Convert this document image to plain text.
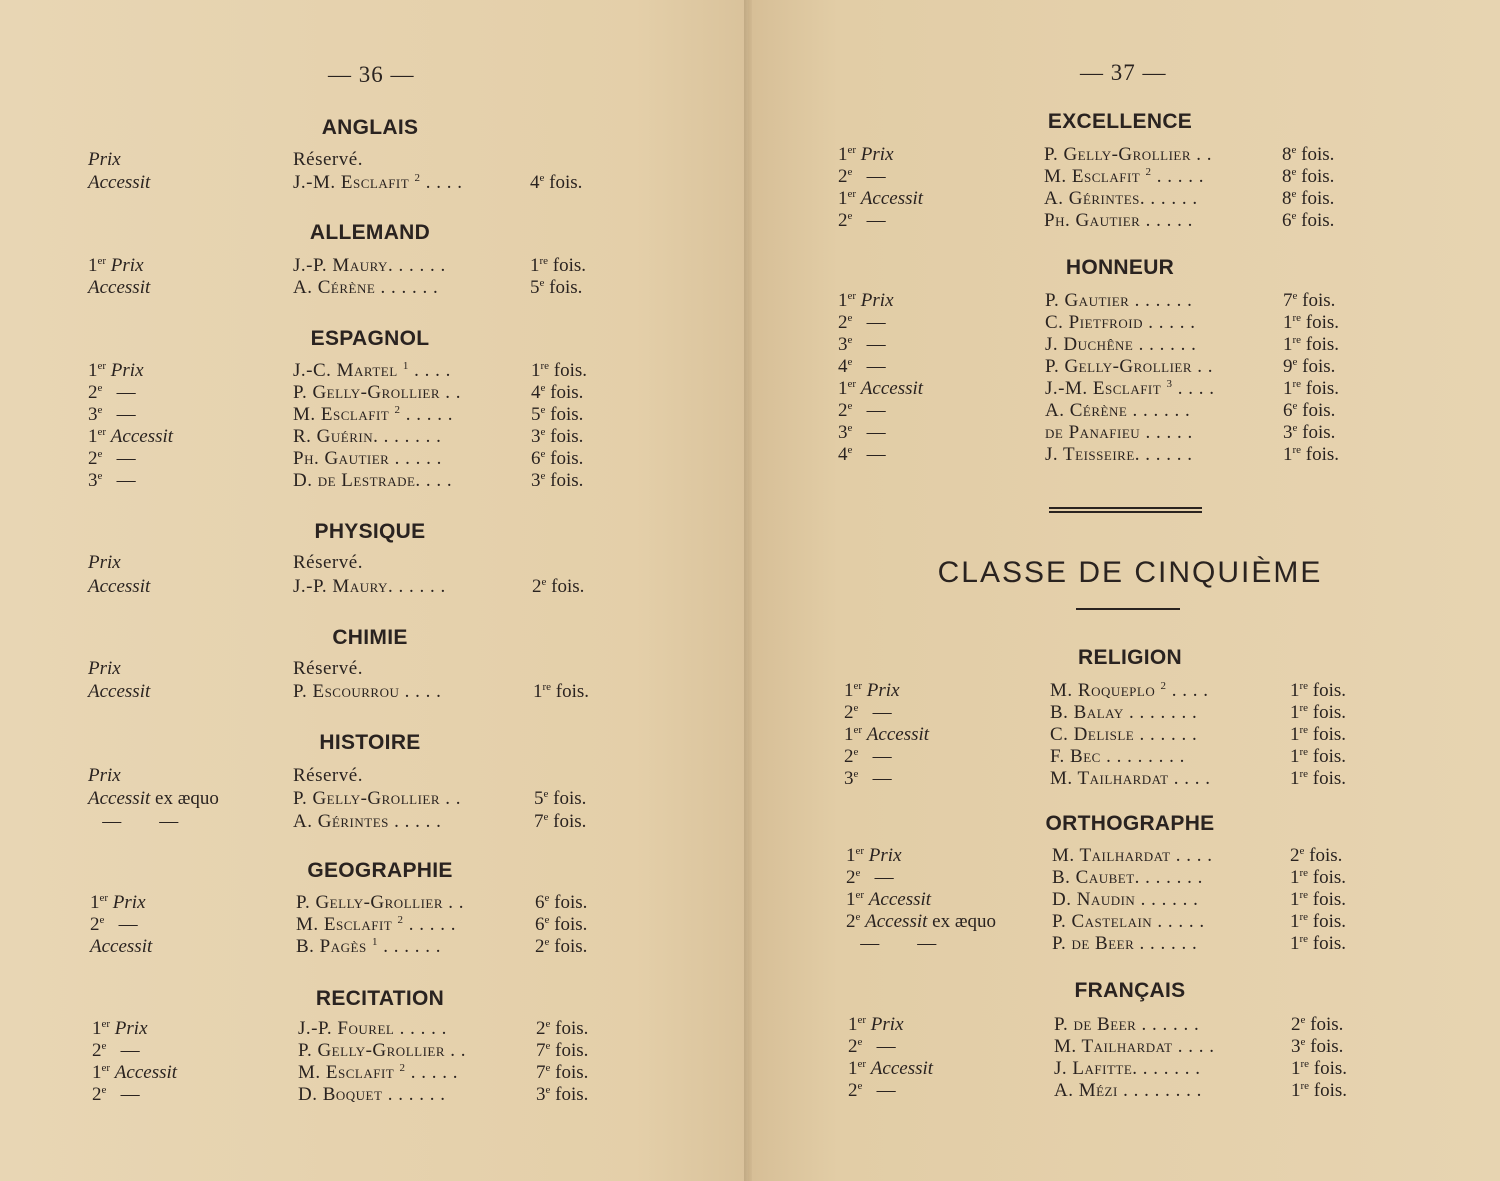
— 36 —	— 37 —
ANGLAIS
Prix	Réservé.
Accessit	J.-M. Esclafit $^2$ . . . .	4e fois.
ALLEMAND
1er Prix	J.-P. Maury. . . . . .	1re fois.
Accessit	A. Cérène . . . . . .	5e fois.
ESPAGNOL
1er Prix	J.-C. Martel $^1$ . . . .	1re fois.
2e   —	P. Gelly-Grollier . .	4e fois.
3e   —	M. Esclafit $^2$ . . . . .	5e fois.
1er Accessit	R. Guérin. . . . . . .	3e fois.
2e   —	Ph. Gautier . . . . .	6e fois.
3e   —	D. de Lestrade. . . .	3e fois.
PHYSIQUE
Prix	Réservé.
Accessit	J.-P. Maury. . . . . .	2e fois.
CHIMIE
Prix	Réservé.
Accessit	P. Escourrou . . . .	1re fois.
HISTOIRE
Prix	Réservé.
Accessit ex æquo	P. Gelly-Grollier . .	5e fois.
—        —	A. Gérintes . . . . .	7e fois.
GEOGRAPHIE
1er Prix	P. Gelly-Grollier . .	6e fois.
2e   —	M. Esclafit $^2$ . . . . .	6e fois.
Accessit	B. Pagès $^1$ . . . . . .	2e fois.
RECITATION
1er Prix	J.-P. Fourel . . . . .	2e fois.
2e   —	P. Gelly-Grollier . .	7e fois.
1er Accessit	M. Esclafit $^2$ . . . . .	7e fois.
2e   —	D. Boquet . . . . . .	3e fois.
EXCELLENCE
1er Prix	P. Gelly-Grollier . .	8e fois.
2e   —	M. Esclafit $^2$ . . . . .	8e fois.
1er Accessit	A. Gérintes. . . . . .	8e fois.
2e   —	Ph. Gautier . . . . .	6e fois.
HONNEUR
1er Prix	P. Gautier . . . . . .	7e fois.
2e   —	C. Pietfroid . . . . .	1re fois.
3e   —	J. Duchêne . . . . . .	1re fois.
4e   —	P. Gelly-Grollier . .	9e fois.
1er Accessit	J.-M. Esclafit $^3$ . . . .	1re fois.
2e   —	A. Cérène . . . . . .	6e fois.
3e   —	de Panafieu . . . . .	3e fois.
4e   —	J. Teisseire. . . . . .	1re fois.
RELIGION
1er Prix	M. Roqueplo $^2$ . . . .	1re fois.
2e   —	B. Balay . . . . . . .	1re fois.
1er Accessit	C. Delisle . . . . . .	1re fois.
2e   —	F. Bec . . . . . . . .	1re fois.
3e   —	M. Tailhardat . . . .	1re fois.
ORTHOGRAPHE
1er Prix	M. Tailhardat . . . .	2e fois.
2e   —	B. Caubet. . . . . . .	1re fois.
1er Accessit	D. Naudin . . . . . .	1re fois.
2e Accessit ex æquo	P. Castelain . . . . .	1re fois.
—        —	P. de Beer . . . . . .	1re fois.
FRANÇAIS
1er Prix	P. de Beer . . . . . .	2e fois.
2e   —	M. Tailhardat . . . .	3e fois.
1er Accessit	J. Lafitte. . . . . . .	1re fois.
2e   —	A. Mézi . . . . . . . .	1re fois.
CLASSE DE CINQUIÈME
